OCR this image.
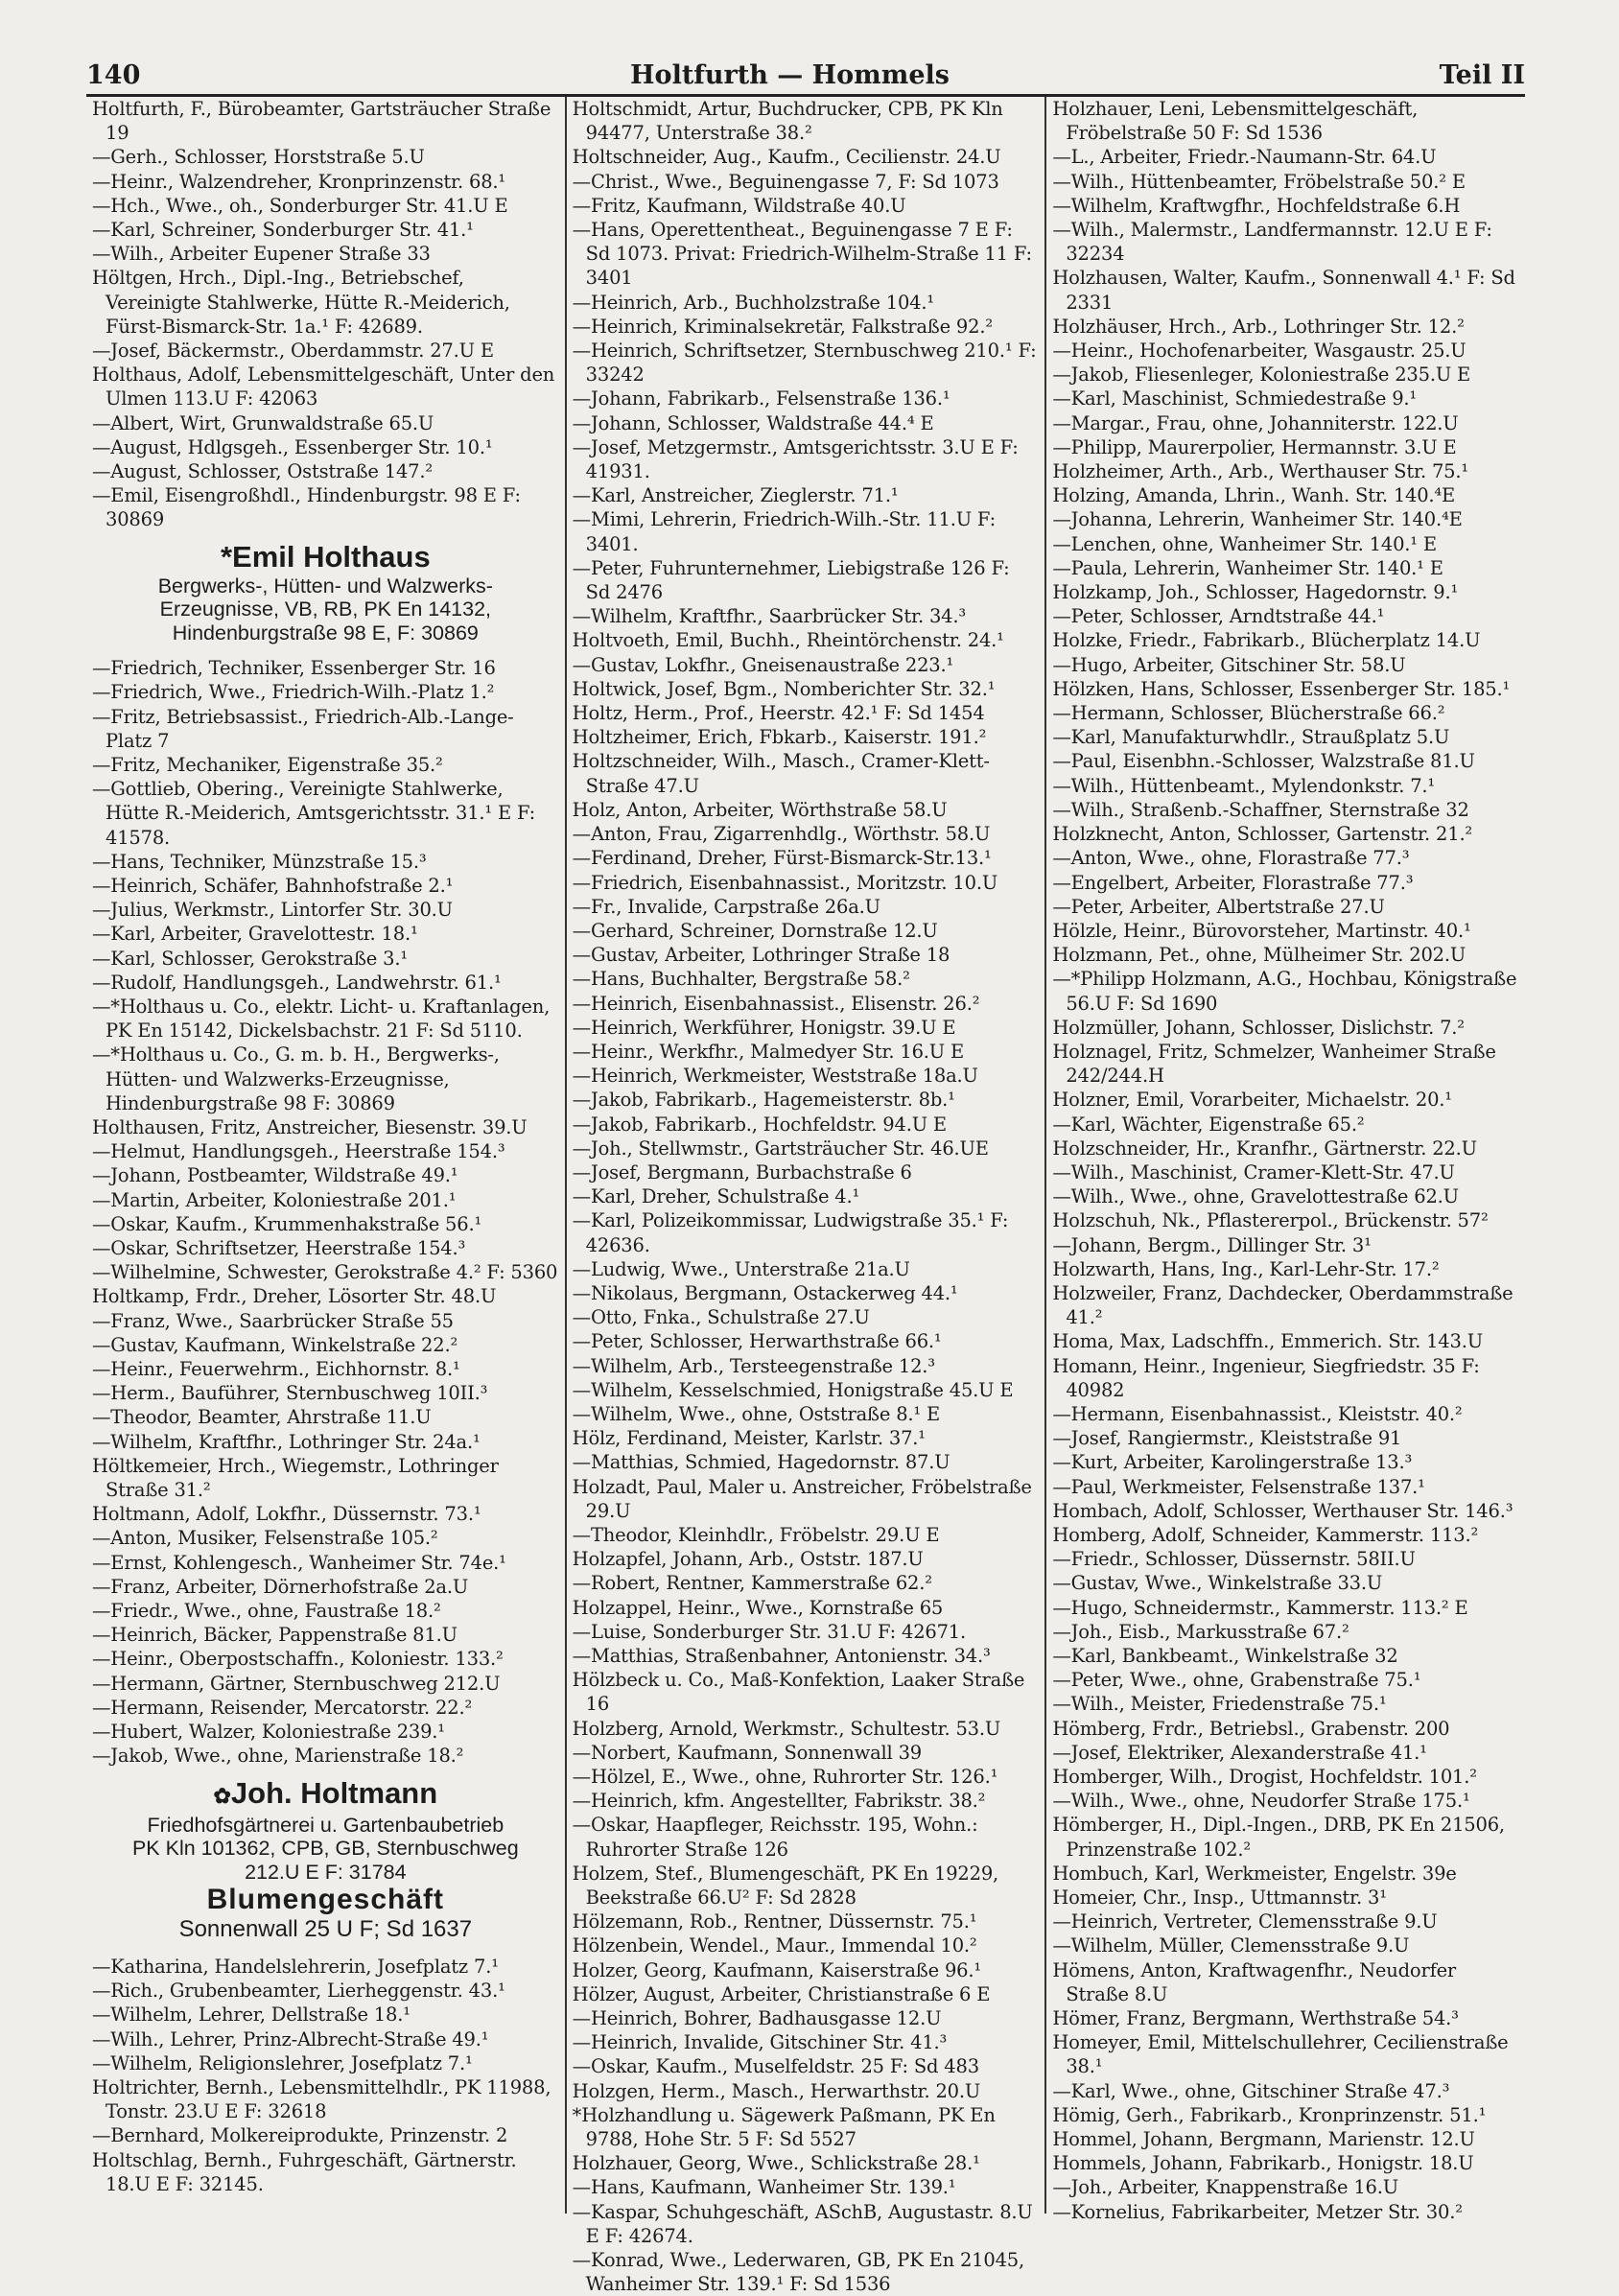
140	Holtfurth — Hommels	Teil II

Holtfurth, F., Bürobeamter, Gartsträucher Straße 19

—Gerh., Schlosser, Horststraße 5.U

—Heinr., Walzendreher, Kronprinzenstr. 68.¹

—Hch., Wwe., oh., Sonderburger Str. 41.U E

—Karl, Schreiner, Sonderburger Str. 41.¹

—Wilh., Arbeiter Eupener Straße 33

Höltgen, Hrch., Dipl.-Ing., Betriebschef, Vereinigte Stahlwerke, Hütte R.-Meiderich, Fürst-Bismarck-Str. 1a.¹ F: 42689.

—Josef, Bäckermstr., Oberdammstr. 27.U E

Holthaus, Adolf, Lebensmittelgeschäft, Unter den Ulmen 113.U F: 42063

—Albert, Wirt, Grunwaldstraße 65.U

—August, Hdlgsgeh., Essenberger Str. 10.¹

—August, Schlosser, Oststraße 147.²

—Emil, Eisengroßhdl., Hindenburgstr. 98 E F: 30869

*Emil Holthaus
Bergwerks-, Hütten- und Walzwerks-
Erzeugnisse, VB, RB, PK En 14132,
Hindenburgstraße 98 E, F: 30869

—Friedrich, Techniker, Essenberger Str. 16

—Friedrich, Wwe., Friedrich-Wilh.-Platz 1.²

—Fritz, Betriebsassist., Friedrich-Alb.-Lange-Platz 7

—Fritz, Mechaniker, Eigenstraße 35.²

—Gottlieb, Obering., Vereinigte Stahlwerke, Hütte R.-Meiderich, Amtsgerichtsstr. 31.¹ E F: 41578.

—Hans, Techniker, Münzstraße 15.³

—Heinrich, Schäfer, Bahnhofstraße 2.¹

—Julius, Werkmstr., Lintorfer Str. 30.U

—Karl, Arbeiter, Gravelottestr. 18.¹

—Karl, Schlosser, Gerokstraße 3.¹

—Rudolf, Handlungsgeh., Landwehrstr. 61.¹

—*Holthaus u. Co., elektr. Licht- u. Kraftanlagen, PK En 15142, Dickelsbachstr. 21 F: Sd 5110.

—*Holthaus u. Co., G. m. b. H., Bergwerks-, Hütten- und Walzwerks-Erzeugnisse, Hindenburgstraße 98 F: 30869

Holthausen, Fritz, Anstreicher, Biesenstr. 39.U

—Helmut, Handlungsgeh., Heerstraße 154.³

—Johann, Postbeamter, Wildstraße 49.¹

—Martin, Arbeiter, Koloniestraße 201.¹

—Oskar, Kaufm., Krummenhakstraße 56.¹

—Oskar, Schriftsetzer, Heerstraße 154.³

—Wilhelmine, Schwester, Gerokstraße 4.² F: 5360

Holtkamp, Frdr., Dreher, Lösorter Str. 48.U

—Franz, Wwe., Saarbrücker Straße 55

—Gustav, Kaufmann, Winkelstraße 22.²

—Heinr., Feuerwehrm., Eichhornstr. 8.¹

—Herm., Bauführer, Sternbuschweg 10II.³

—Theodor, Beamter, Ahrstraße 11.U

—Wilhelm, Kraftfhr., Lothringer Str. 24a.¹

Höltkemeier, Hrch., Wiegemstr., Lothringer Straße 31.²

Holtmann, Adolf, Lokfhr., Düssernstr. 73.¹

—Anton, Musiker, Felsenstraße 105.²

—Ernst, Kohlengesch., Wanheimer Str. 74e.¹

—Franz, Arbeiter, Dörnerhofstraße 2a.U

—Friedr., Wwe., ohne, Faustraße 18.²

—Heinrich, Bäcker, Pappenstraße 81.U

—Heinr., Oberpostschaffn., Koloniestr. 133.²

—Hermann, Gärtner, Sternbuschweg 212.U

—Hermann, Reisender, Mercatorstr. 22.²

—Hubert, Walzer, Koloniestraße 239.¹

—Jakob, Wwe., ohne, Marienstraße 18.²

✿Joh. Holtmann
Friedhofsgärtnerei u. Gartenbaubetrieb
PK Kln 101362, CPB, GB, Sternbuschweg
212.U E F: 31784
Blumengeschäft
Sonnenwall 25 U F; Sd 1637

—Katharina, Handelslehrerin, Josefplatz 7.¹

—Rich., Grubenbeamter, Lierheggenstr. 43.¹

—Wilhelm, Lehrer, Dellstraße 18.¹

—Wilh., Lehrer, Prinz-Albrecht-Straße 49.¹

—Wilhelm, Religionslehrer, Josefplatz 7.¹

Holtrichter, Bernh., Lebensmittelhdlr., PK 11988, Tonstr. 23.U E F: 32618

—Bernhard, Molkereiprodukte, Prinzenstr. 2

Holtschlag, Bernh., Fuhrgeschäft, Gärtnerstr. 18.U E F: 32145.

Holtschmidt, Artur, Buchdrucker, CPB, PK Kln 94477, Unterstraße 38.²

Holtschneider, Aug., Kaufm., Cecilienstr. 24.U

—Christ., Wwe., Beguinengasse 7, F: Sd 1073

—Fritz, Kaufmann, Wildstraße 40.U

—Hans, Operettentheat., Beguinengasse 7 E F: Sd 1073. Privat: Friedrich-Wilhelm-Straße 11 F: 3401

—Heinrich, Arb., Buchholzstraße 104.¹

—Heinrich, Kriminalsekretär, Falkstraße 92.²

—Heinrich, Schriftsetzer, Sternbuschweg 210.¹ F: 33242

—Johann, Fabrikarb., Felsenstraße 136.¹

—Johann, Schlosser, Waldstraße 44.⁴ E

—Josef, Metzgermstr., Amtsgerichtsstr. 3.U E F: 41931.

—Karl, Anstreicher, Zieglerstr. 71.¹

—Mimi, Lehrerin, Friedrich-Wilh.-Str. 11.U F: 3401.

—Peter, Fuhrunternehmer, Liebigstraße 126 F: Sd 2476

—Wilhelm, Kraftfhr., Saarbrücker Str. 34.³

Holtvoeth, Emil, Buchh., Rheintörchenstr. 24.¹

—Gustav, Lokfhr., Gneisenaustraße 223.¹

Holtwick, Josef, Bgm., Nomberichter Str. 32.¹

Holtz, Herm., Prof., Heerstr. 42.¹ F: Sd 1454

Holtzheimer, Erich, Fbkarb., Kaiserstr. 191.²

Holtzschneider, Wilh., Masch., Cramer-Klett-Straße 47.U

Holz, Anton, Arbeiter, Wörthstraße 58.U

—Anton, Frau, Zigarrenhdlg., Wörthstr. 58.U

—Ferdinand, Dreher, Fürst-Bismarck-Str.13.¹

—Friedrich, Eisenbahnassist., Moritzstr. 10.U

—Fr., Invalide, Carpstraße 26a.U

—Gerhard, Schreiner, Dornstraße 12.U

—Gustav, Arbeiter, Lothringer Straße 18

—Hans, Buchhalter, Bergstraße 58.²

—Heinrich, Eisenbahnassist., Elisenstr. 26.²

—Heinrich, Werkführer, Honigstr. 39.U E

—Heinr., Werkfhr., Malmedyer Str. 16.U E

—Heinrich, Werkmeister, Weststraße 18a.U

—Jakob, Fabrikarb., Hagemeisterstr. 8b.¹

—Jakob, Fabrikarb., Hochfeldstr. 94.U E

—Joh., Stellwmstr., Gartsträucher Str. 46.UE

—Josef, Bergmann, Burbachstraße 6

—Karl, Dreher, Schulstraße 4.¹

—Karl, Polizeikommissar, Ludwigstraße 35.¹ F: 42636.

—Ludwig, Wwe., Unterstraße 21a.U

—Nikolaus, Bergmann, Ostackerweg 44.¹

—Otto, Fnka., Schulstraße 27.U

—Peter, Schlosser, Herwarthstraße 66.¹

—Wilhelm, Arb., Tersteegenstraße 12.³

—Wilhelm, Kesselschmied, Honigstraße 45.U E

—Wilhelm, Wwe., ohne, Oststraße 8.¹ E

Hölz, Ferdinand, Meister, Karlstr. 37.¹

—Matthias, Schmied, Hagedornstr. 87.U

Holzadt, Paul, Maler u. Anstreicher, Fröbelstraße 29.U

—Theodor, Kleinhdlr., Fröbelstr. 29.U E

Holzapfel, Johann, Arb., Oststr. 187.U

—Robert, Rentner, Kammerstraße 62.²

Holzappel, Heinr., Wwe., Kornstraße 65

—Luise, Sonderburger Str. 31.U F: 42671.

—Matthias, Straßenbahner, Antonienstr. 34.³

Hölzbeck u. Co., Maß-Konfektion, Laaker Straße 16

Holzberg, Arnold, Werkmstr., Schultestr. 53.U

—Norbert, Kaufmann, Sonnenwall 39

—Hölzel, E., Wwe., ohne, Ruhrorter Str. 126.¹

—Heinrich, kfm. Angestellter, Fabrikstr. 38.²

—Oskar, Haapfleger, Reichsstr. 195, Wohn.: Ruhrorter Straße 126

Holzem, Stef., Blumengeschäft, PK En 19229, Beekstraße 66.U² F: Sd 2828

Hölzemann, Rob., Rentner, Düssernstr. 75.¹

Hölzenbein, Wendel., Maur., Immendal 10.²

Holzer, Georg, Kaufmann, Kaiserstraße 96.¹

Hölzer, August, Arbeiter, Christianstraße 6 E

—Heinrich, Bohrer, Badhausgasse 12.U

—Heinrich, Invalide, Gitschiner Str. 41.³

—Oskar, Kaufm., Muselfeldstr. 25 F: Sd 483

Holzgen, Herm., Masch., Herwarthstr. 20.U

*Holzhandlung u. Sägewerk Paßmann, PK En 9788, Hohe Str. 5 F: Sd 5527

Holzhauer, Georg, Wwe., Schlickstraße 28.¹

—Hans, Kaufmann, Wanheimer Str. 139.¹

—Kaspar, Schuhgeschäft, ASchB, Augustastr. 8.U E F: 42674.

—Konrad, Wwe., Lederwaren, GB, PK En 21045, Wanheimer Str. 139.¹ F: Sd 1536

Holzhauer, Leni, Lebensmittelgeschäft, Fröbelstraße 50 F: Sd 1536

—L., Arbeiter, Friedr.-Naumann-Str. 64.U

—Wilh., Hüttenbeamter, Fröbelstraße 50.² E

—Wilhelm, Kraftwgfhr., Hochfeldstraße 6.H

—Wilh., Malermstr., Landfermannstr. 12.U E F: 32234

Holzhausen, Walter, Kaufm., Sonnenwall 4.¹ F: Sd 2331

Holzhäuser, Hrch., Arb., Lothringer Str. 12.²

—Heinr., Hochofenarbeiter, Wasgaustr. 25.U

—Jakob, Fliesenleger, Koloniestraße 235.U E

—Karl, Maschinist, Schmiedestraße 9.¹

—Margar., Frau, ohne, Johanniterstr. 122.U

—Philipp, Maurerpolier, Hermannstr. 3.U E

Holzheimer, Arth., Arb., Werthauser Str. 75.¹

Holzing, Amanda, Lhrin., Wanh. Str. 140.⁴E

—Johanna, Lehrerin, Wanheimer Str. 140.⁴E

—Lenchen, ohne, Wanheimer Str. 140.¹ E

—Paula, Lehrerin, Wanheimer Str. 140.¹ E

Holzkamp, Joh., Schlosser, Hagedornstr. 9.¹

—Peter, Schlosser, Arndtstraße 44.¹

Holzke, Friedr., Fabrikarb., Blücherplatz 14.U

—Hugo, Arbeiter, Gitschiner Str. 58.U

Hölzken, Hans, Schlosser, Essenberger Str. 185.¹

—Hermann, Schlosser, Blücherstraße 66.²

—Karl, Manufakturwhdlr., Straußplatz 5.U

—Paul, Eisenbhn.-Schlosser, Walzstraße 81.U

—Wilh., Hüttenbeamt., Mylendonkstr. 7.¹

—Wilh., Straßenb.-Schaffner, Sternstraße 32

Holzknecht, Anton, Schlosser, Gartenstr. 21.²

—Anton, Wwe., ohne, Florastraße 77.³

—Engelbert, Arbeiter, Florastraße 77.³

—Peter, Arbeiter, Albertstraße 27.U

Hölzle, Heinr., Bürovorsteher, Martinstr. 40.¹

Holzmann, Pet., ohne, Mülheimer Str. 202.U

—*Philipp Holzmann, A.G., Hochbau, Königstraße 56.U F: Sd 1690

Holzmüller, Johann, Schlosser, Dislichstr. 7.²

Holznagel, Fritz, Schmelzer, Wanheimer Straße 242/244.H

Holzner, Emil, Vorarbeiter, Michaelstr. 20.¹

—Karl, Wächter, Eigenstraße 65.²

Holzschneider, Hr., Kranfhr., Gärtnerstr. 22.U

—Wilh., Maschinist, Cramer-Klett-Str. 47.U

—Wilh., Wwe., ohne, Gravelottestraße 62.U

Holzschuh, Nk., Pflastererpol., Brückenstr. 57²

—Johann, Bergm., Dillinger Str. 3¹

Holzwarth, Hans, Ing., Karl-Lehr-Str. 17.²

Holzweiler, Franz, Dachdecker, Oberdammstraße 41.²

Homa, Max, Ladschffn., Emmerich. Str. 143.U

Homann, Heinr., Ingenieur, Siegfriedstr. 35 F: 40982

—Hermann, Eisenbahnassist., Kleiststr. 40.²

—Josef, Rangiermstr., Kleiststraße 91

—Kurt, Arbeiter, Karolingerstraße 13.³

—Paul, Werkmeister, Felsenstraße 137.¹

Hombach, Adolf, Schlosser, Werthauser Str. 146.³

Homberg, Adolf, Schneider, Kammerstr. 113.²

—Friedr., Schlosser, Düssernstr. 58II.U

—Gustav, Wwe., Winkelstraße 33.U

—Hugo, Schneidermstr., Kammerstr. 113.² E

—Joh., Eisb., Markusstraße 67.²

—Karl, Bankbeamt., Winkelstraße 32

—Peter, Wwe., ohne, Grabenstraße 75.¹

—Wilh., Meister, Friedenstraße 75.¹

Hömberg, Frdr., Betriebsl., Grabenstr. 200

—Josef, Elektriker, Alexanderstraße 41.¹

Homberger, Wilh., Drogist, Hochfeldstr. 101.²

—Wilh., Wwe., ohne, Neudorfer Straße 175.¹

Hömberger, H., Dipl.-Ingen., DRB, PK En 21506, Prinzenstraße 102.²

Hombuch, Karl, Werkmeister, Engelstr. 39e

Homeier, Chr., Insp., Uttmannstr. 3¹

—Heinrich, Vertreter, Clemensstraße 9.U

—Wilhelm, Müller, Clemensstraße 9.U

Hömens, Anton, Kraftwagenfhr., Neudorfer Straße 8.U

Hömer, Franz, Bergmann, Werthstraße 54.³

Homeyer, Emil, Mittelschullehrer, Cecilienstraße 38.¹

—Karl, Wwe., ohne, Gitschiner Straße 47.³

Hömig, Gerh., Fabrikarb., Kronprinzenstr. 51.¹

Hommel, Johann, Bergmann, Marienstr. 12.U

Hommels, Johann, Fabrikarb., Honigstr. 18.U

—Joh., Arbeiter, Knappenstraße 16.U

—Kornelius, Fabrikarbeiter, Metzer Str. 30.²
